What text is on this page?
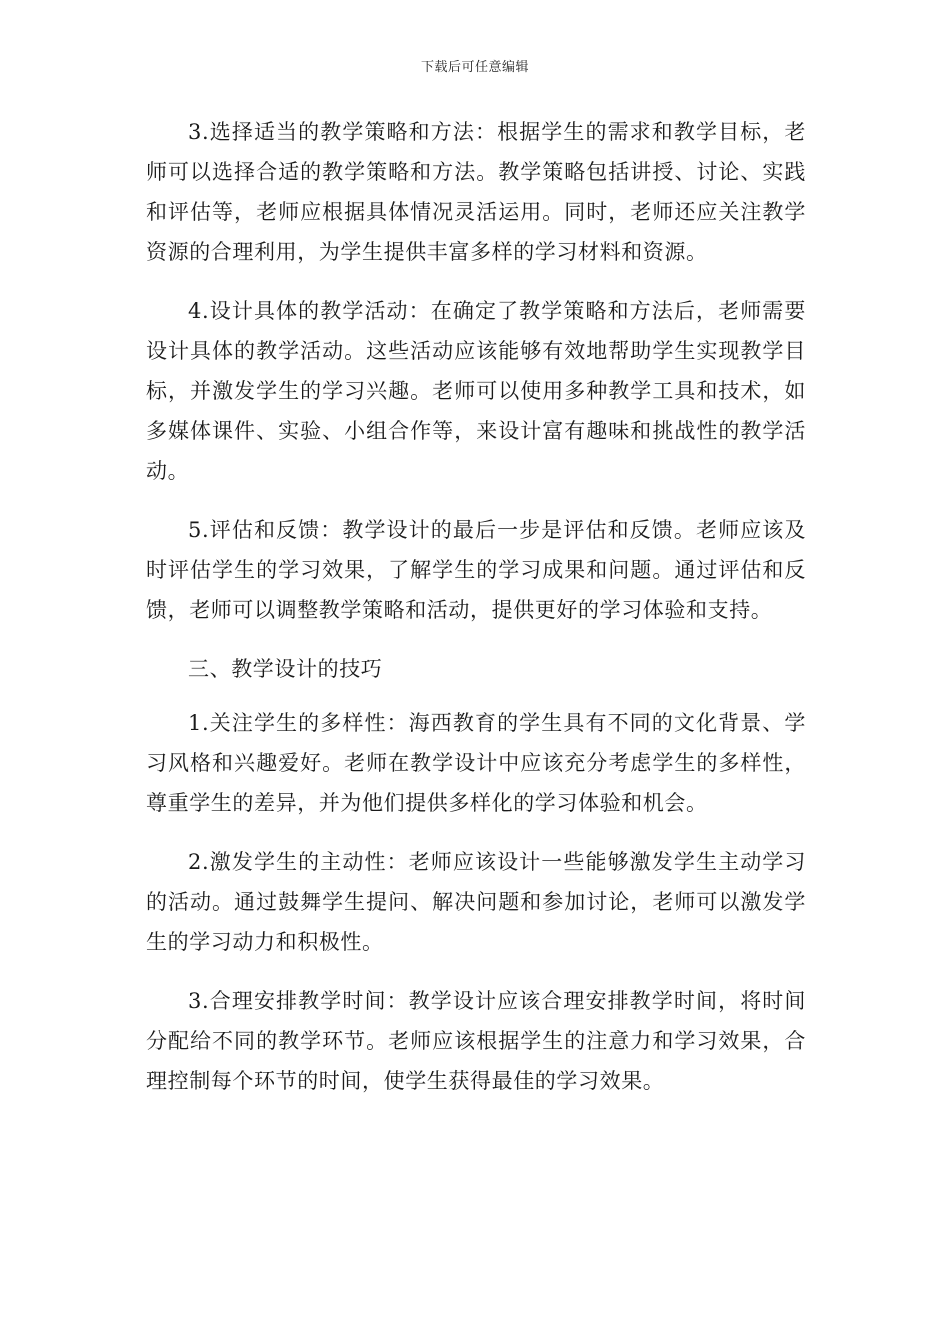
下载后可任意编辑

3.选择适当的教学策略和方法：根据学生的需求和教学目标，老师可以选择合适的教学策略和方法。教学策略包括讲授、讨论、实践和评估等，老师应根据具体情况灵活运用。同时，老师还应关注教学资源的合理利用，为学生提供丰富多样的学习材料和资源。

4.设计具体的教学活动：在确定了教学策略和方法后，老师需要设计具体的教学活动。这些活动应该能够有效地帮助学生实现教学目标，并激发学生的学习兴趣。老师可以使用多种教学工具和技术，如多媒体课件、实验、小组合作等，来设计富有趣味和挑战性的教学活动。

5.评估和反馈：教学设计的最后一步是评估和反馈。老师应该及时评估学生的学习效果，了解学生的学习成果和问题。通过评估和反馈，老师可以调整教学策略和活动，提供更好的学习体验和支持。

三、教学设计的技巧

1.关注学生的多样性：海西教育的学生具有不同的文化背景、学习风格和兴趣爱好。老师在教学设计中应该充分考虑学生的多样性，尊重学生的差异，并为他们提供多样化的学习体验和机会。

2.激发学生的主动性：老师应该设计一些能够激发学生主动学习的活动。通过鼓舞学生提问、解决问题和参加讨论，老师可以激发学生的学习动力和积极性。

3.合理安排教学时间：教学设计应该合理安排教学时间，将时间分配给不同的教学环节。老师应该根据学生的注意力和学习效果，合理控制每个环节的时间，使学生获得最佳的学习效果。
